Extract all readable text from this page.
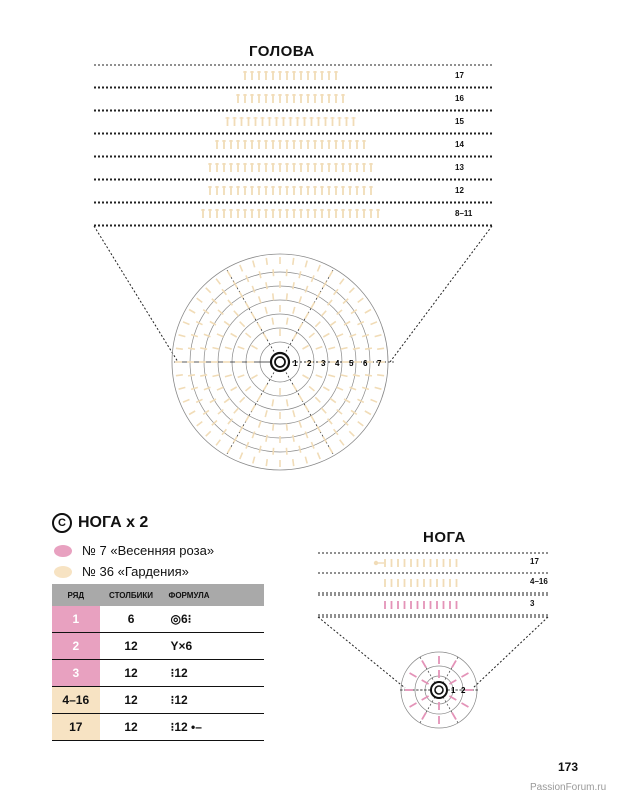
ГОЛОВА
1 2 3 4 5 6 7
17
16
15
14
13
12
8–11
C НОГА x 2
№ 7 «Весенняя роза»
№ 36 «Гардения»
РЯД	СТОЛБИКИ	ФОРМУЛА
1	6	◎6⁝
2	12	Y×6
3	12	⁝12
4–16	12	⁝12
17	12	⁝12 •–
НОГА
1 2
17
4–16
3
173
PassionForum.ru
